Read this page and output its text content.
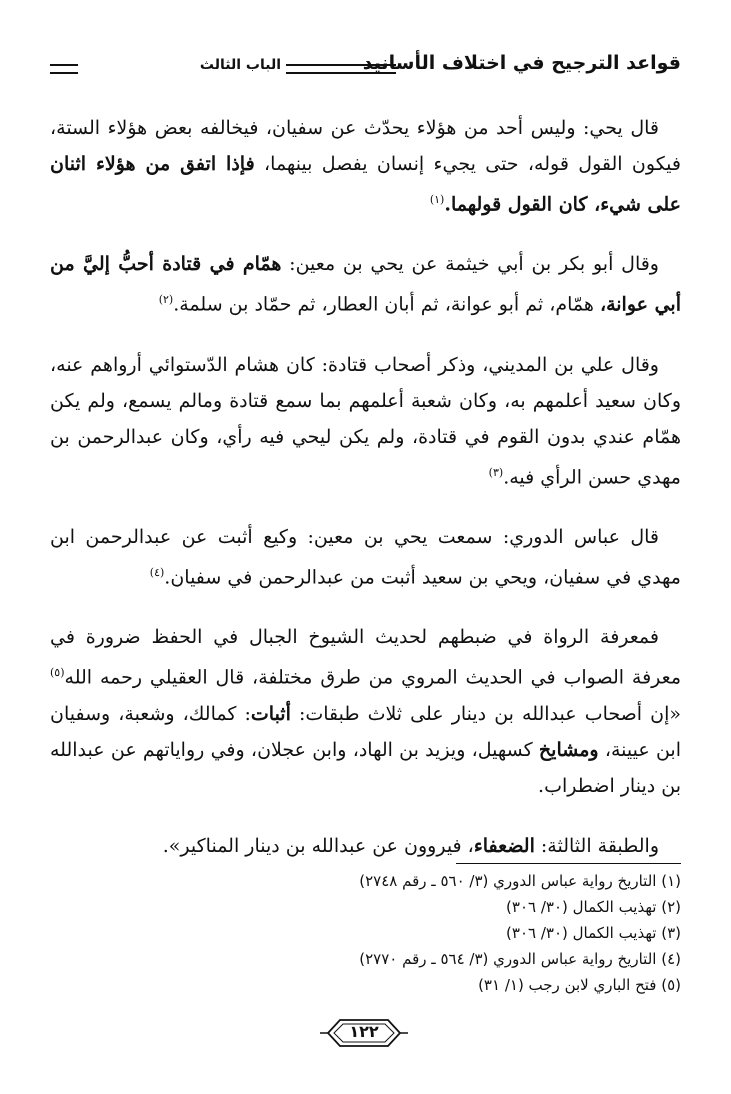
قواعد الترجيح في اختلاف الأسانيد
الباب الثالث

قال يحي: وليس أحد من هؤلاء يحدّث عن سفيان، فيخالفه بعض هؤلاء الستة، فيكون القول قوله، حتى يجيء إنسان يفصل بينهما، فإذا اتفق من هؤلاء اثنان على شيء، كان القول قولهما.$^{(١)}$

وقال أبو بكر بن أبي خيثمة عن يحي بن معين: همّام في قتادة أحبُّ إليَّ من أبي عوانة، همّام، ثم أبو عوانة، ثم أبان العطار، ثم حمّاد بن سلمة.$^{(٢)}$

وقال علي بن المديني، وذكر أصحاب قتادة: كان هشام الدّستوائي أرواهم عنه، وكان سعيد أعلمهم به، وكان شعبة أعلمهم بما سمع قتادة ومالم يسمع، ولم يكن همّام عندي بدون القوم في قتادة، ولم يكن ليحي فيه رأي، وكان عبدالرحمن بن مهدي حسن الرأي فيه.$^{(٣)}$

قال عباس الدوري: سمعت يحي بن معين: وكيع أثبت عن عبدالرحمن ابن مهدي في سفيان، ويحي بن سعيد أثبت من عبدالرحمن في سفيان.$^{(٤)}$

فمعرفة الرواة في ضبطهم لحديث الشيوخ الجبال في الحفظ ضرورة في معرفة الصواب في الحديث المروي من طرق مختلفة، قال العقيلي رحمه الله$^{(٥)}$ «إن أصحاب عبدالله بن دينار على ثلاث طبقات: أثبات: كمالك، وشعبة، وسفيان ابن عيينة، ومشايخ كسهيل، ويزيد بن الهاد، وابن عجلان، وفي رواياتهم عن عبدالله بن دينار اضطراب.

والطبقة الثالثة: الضعفاء، فيروون عن عبدالله بن دينار المناكير».

(١) التاريخ رواية عباس الدوري (٣/ ٥٦٠ ـ رقم ٢٧٤٨)
(٢) تهذيب الكمال (٣٠/ ٣٠٦)
(٣) تهذيب الكمال (٣٠/ ٣٠٦)
(٤) التاريخ رواية عباس الدوري (٣/ ٥٦٤ ـ رقم ٢٧٧٠)
(٥) فتح الباري لابن رجب (١/ ٣١)
١٢٢
